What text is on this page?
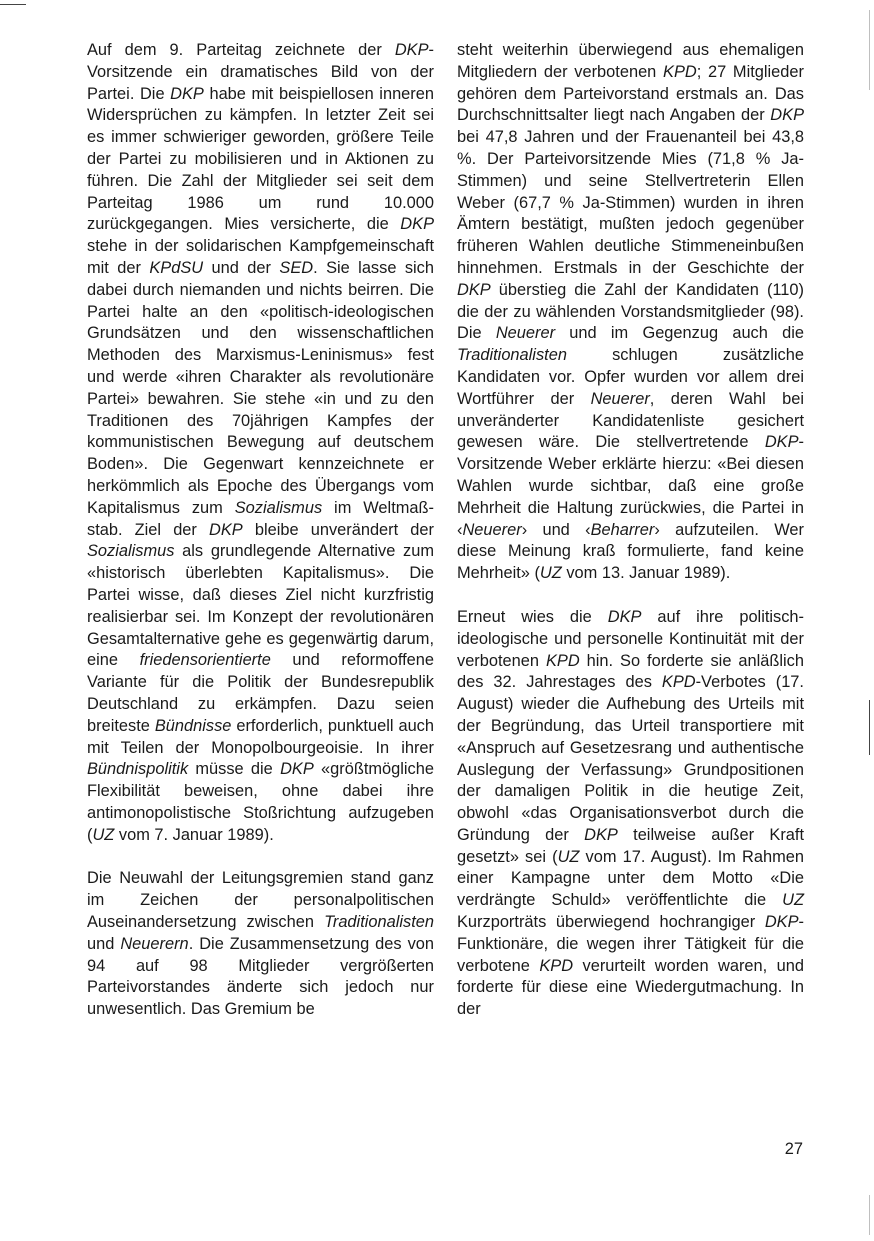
Auf dem 9. Parteitag zeichnete der DKP-Vorsitzende ein dramatisches Bild von der Partei. Die DKP habe mit beispiellosen inneren Widersprüchen zu kämpfen. In letzter Zeit sei es immer schwieriger geworden, größere Teile der Partei zu mobilisieren und in Aktionen zu führen. Die Zahl der Mitglieder sei seit dem Parteitag 1986 um rund 10.000 zurückgegangen. Mies versicherte, die DKP stehe in der solidarischen Kampfgemeinschaft mit der KPdSU und der SED. Sie lasse sich dabei durch niemanden und nichts beirren. Die Partei halte an den «politisch-ideologischen Grundsätzen und den wissenschaftlichen Methoden des Marxismus-Leninismus» fest und werde «ihren Charakter als revolutionäre Partei» bewahren. Sie stehe «in und zu den Traditionen des 70jährigen Kampfes der kommunistischen Bewegung auf deutschem Boden». Die Gegenwart kennzeichnete er herkömmlich als Epoche des Übergangs vom Kapitalismus zum Sozialismus im Weltmaßstab. Ziel der DKP bleibe unverändert der Sozialismus als grundlegende Alternative zum «historisch überlebten Kapitalismus». Die Partei wisse, daß dieses Ziel nicht kurzfristig realisierbar sei. Im Konzept der revolutionären Gesamtalternative gehe es gegenwärtig darum, eine friedensorientierte und reformoffene Variante für die Politik der Bundesrepublik Deutschland zu erkämpfen. Dazu seien breiteste Bündnisse erforderlich, punktuell auch mit Teilen der Monopolbourgeoisie. In ihrer Bündnispolitik müsse die DKP «größtmögliche Flexibilität beweisen, ohne dabei ihre antimonopolistische Stoßrichtung aufzugeben (UZ vom 7. Januar 1989).

Die Neuwahl der Leitungsgremien stand ganz im Zeichen der personalpolitischen Auseinandersetzung zwischen Traditionalisten und Neuerern. Die Zusammensetzung des von 94 auf 98 Mitglieder vergrößerten Parteivorstandes änderte sich jedoch nur unwesentlich. Das Gremium be

steht weiterhin überwiegend aus ehemaligen Mitgliedern der verbotenen KPD; 27 Mitglieder gehören dem Parteivorstand erstmals an. Das Durchschnittsalter liegt nach Angaben der DKP bei 47,8 Jahren und der Frauenanteil bei 43,8 %. Der Parteivorsitzende Mies (71,8 % Ja-Stimmen) und seine Stellvertreterin Ellen Weber (67,7 % Ja-Stimmen) wurden in ihren Ämtern bestätigt, mußten jedoch gegenüber früheren Wahlen deutliche Stimmeneinbußen hinnehmen. Erstmals in der Geschichte der DKP überstieg die Zahl der Kandidaten (110) die der zu wählenden Vorstandsmitglieder (98). Die Neuerer und im Gegenzug auch die Traditionalisten schlugen zusätzliche Kandidaten vor. Opfer wurden vor allem drei Wortführer der Neuerer, deren Wahl bei unveränderter Kandidatenliste gesichert gewesen wäre. Die stellvertretende DKP-Vorsitzende Weber erklärte hierzu: «Bei diesen Wahlen wurde sichtbar, daß eine große Mehrheit die Haltung zurückwies, die Partei in ‹Neuerer› und ‹Beharrer› aufzuteilen. Wer diese Meinung kraß formulierte, fand keine Mehrheit» (UZ vom 13. Januar 1989).

Erneut wies die DKP auf ihre politisch-ideologische und personelle Kontinuität mit der verbotenen KPD hin. So forderte sie anläßlich des 32. Jahrestages des KPD-Verbotes (17. August) wieder die Aufhebung des Urteils mit der Begründung, das Urteil transportiere mit «Anspruch auf Gesetzesrang und authentische Auslegung der Verfassung» Grundpositionen der damaligen Politik in die heutige Zeit, obwohl «das Organisationsverbot durch die Gründung der DKP teilweise außer Kraft gesetzt» sei (UZ vom 17. August). Im Rahmen einer Kampagne unter dem Motto «Die verdrängte Schuld» veröffentlichte die UZ Kurzporträts überwiegend hochrangiger DKP-Funktionäre, die wegen ihrer Tätigkeit für die verbotene KPD verurteilt worden waren, und forderte für diese eine Wiedergutmachung. In der

27
